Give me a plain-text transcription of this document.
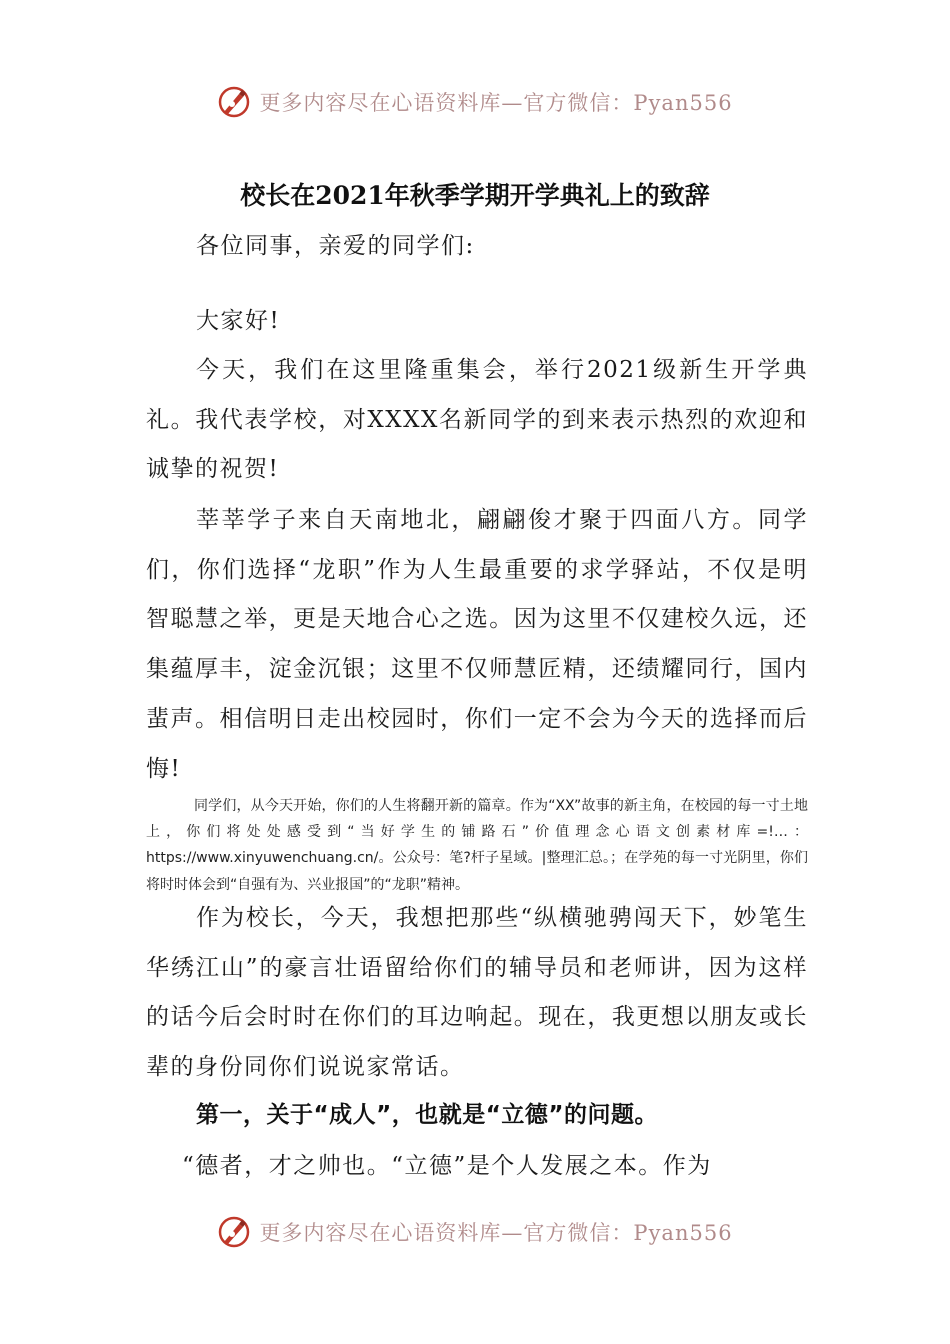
更多内容尽在心语资料库—官方微信：Pyan556
校长在2021年秋季学期开学典礼上的致辞

各位同事，亲爱的同学们:

大家好!

今天，我们在这里隆重集会，举行2021级新生开学典礼。我代表学校，对XXXX名新同学的到来表示热烈的欢迎和诚挚的祝贺!

莘莘学子来自天南地北，翩翩俊才聚于四面八方。同学们，你们选择“龙职”作为人生最重要的求学驿站，不仅是明智聪慧之举，更是天地合心之选。因为这里不仅建校久远，还集蕴厚丰，淀金沉银；这里不仅师慧匠精，还绩耀同行，国内蜚声。相信明日走出校园时，你们一定不会为今天的选择而后悔!

同学们，从今天开始，你们的人生将翻开新的篇章。作为“XX”故事的新主角，在校园的每一寸土地上，你们将处处感受到“当好学生的铺路石”价值理念心语文创素材库=!…：https://www.xinyuwenchuang.cn/。公众号：笔?杆子星域。|整理汇总。；在学苑的每一寸光阴里，你们将时时体会到“自强有为、兴业报国”的“龙职”精神。

作为校长，今天，我想把那些“纵横驰骋闯天下，妙笔生华绣江山”的豪言壮语留给你们的辅导员和老师讲，因为这样的话今后会时时在你们的耳边响起。现在，我更想以朋友或长辈的身份同你们说说家常话。

第一，关于“成人”，也就是“立德”的问题。

“德者，才之帅也。“立德”是个人发展之本。作为

更多内容尽在心语资料库—官方微信：Pyan556
